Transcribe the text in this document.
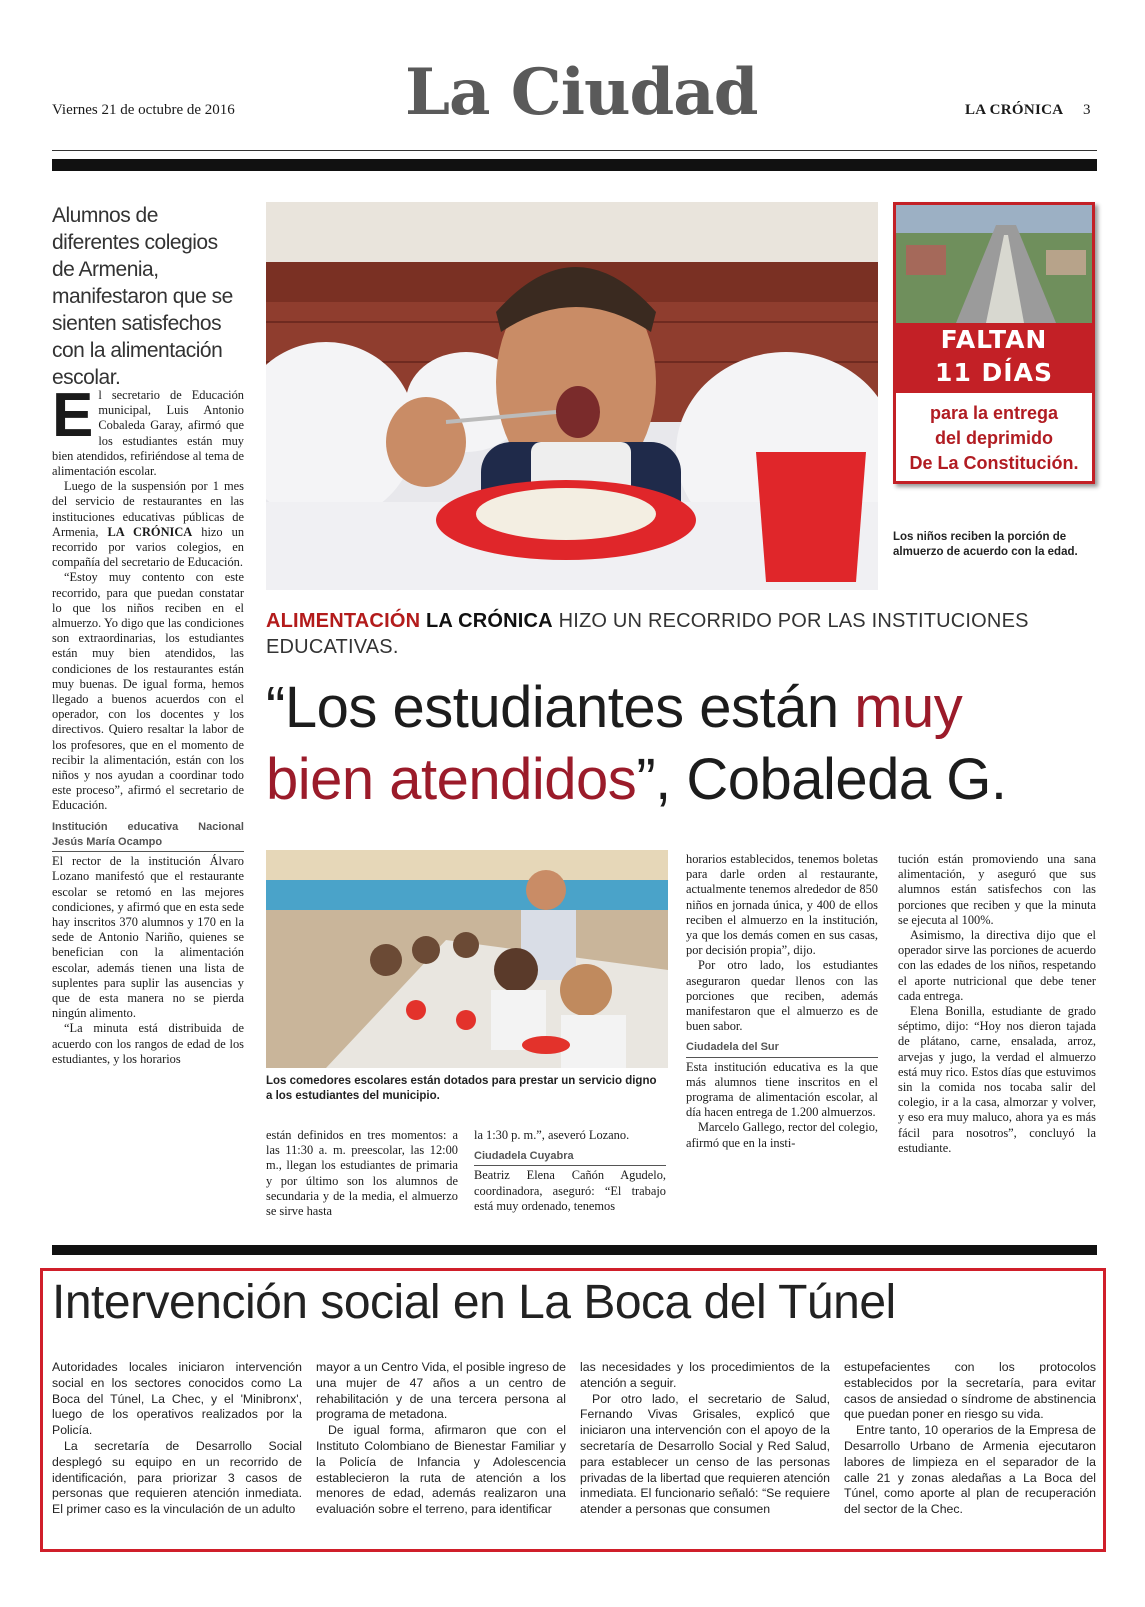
Viernes 21 de octubre de 2016	La Ciudad	LA CRÓNICA 3
Alumnos de diferentes colegios de Armenia, manifestaron que se sienten satisfechos con la alimentación escolar.

El secretario de Educación municipal, Luis Antonio Cobaleda Garay, afirmó que los estudiantes están muy bien atendidos, refiriéndose al tema de alimentación escolar.

Luego de la suspensión por 1 mes del servicio de restaurantes en las instituciones educativas públicas de Armenia, LA CRÓNICA hizo un recorrido por varios colegios, en compañía del secretario de Educación.

“Estoy muy contento con este recorrido, para que puedan constatar lo que los niños reciben en el almuerzo. Yo digo que las condiciones son extraordinarias, los estudiantes están muy bien atendidos, las condiciones de los restaurantes están muy buenas. De igual forma, hemos llegado a buenos acuerdos con el operador, con los docentes y los directivos. Quiero resaltar la labor de los profesores, que en el momento de recibir la alimentación, están con los niños y nos ayudan a coordinar todo este proceso”, afirmó el secretario de Educación.

Institución educativa Nacional Jesús María Ocampo

El rector de la institución Álvaro Lozano manifestó que el restaurante escolar se retomó en las mejores condiciones, y afirmó que en esta sede hay inscritos 370 alumnos y 170 en la sede de Antonio Nariño, quienes se benefician con la alimentación escolar, además tienen una lista de suplentes para suplir las ausencias y que de esta manera no se pierda ningún alimento.

“La minuta está distribuida de acuerdo con los rangos de edad de los estudiantes, y los horarios

FALTAN
11 DÍAS
para la entrega
del deprimido
De La Constitución.
Los niños reciben la porción de almuerzo de acuerdo con la edad.
ALIMENTACIÓN LA CRÓNICA HIZO UN RECORRIDO POR LAS INSTITUCIONES EDUCATIVAS.
“Los estudiantes están muy
bien atendidos”, Cobaleda G.
Los comedores escolares están dotados para prestar un servicio digno a los estudiantes del municipio.

están definidos en tres momentos: a las 11:30 a. m. preescolar, las 12:00 m., llegan los estudiantes de primaria y por último son los alumnos de secundaria y de la media, el almuerzo se sirve hasta

la 1:30 p. m.”, aseveró Lozano.

Ciudadela Cuyabra

Beatriz Elena Cañón Agudelo, coordinadora, aseguró: “El trabajo está muy ordenado, tenemos

horarios establecidos, tenemos boletas para darle orden al restaurante, actualmente tenemos alrededor de 850 niños en jornada única, y 400 de ellos reciben el almuerzo en la institución, ya que los demás comen en sus casas, por decisión propia”, dijo.

Por otro lado, los estudiantes aseguraron quedar llenos con las porciones que reciben, además manifestaron que el almuerzo es de buen sabor.

Ciudadela del Sur

Esta institución educativa es la que más alumnos tiene inscritos en el programa de alimentación escolar, al día hacen entrega de 1.200 almuerzos.

Marcelo Gallego, rector del colegio, afirmó que en la insti-

tución están promoviendo una sana alimentación, y aseguró que sus alumnos están satisfechos con las porciones que reciben y que la minuta se ejecuta al 100%.

Asimismo, la directiva dijo que el operador sirve las porciones de acuerdo con las edades de los niños, respetando el aporte nutricional que debe tener cada entrega.

Elena Bonilla, estudiante de grado séptimo, dijo: “Hoy nos dieron tajada de plátano, carne, ensalada, arroz, arvejas y jugo, la verdad el almuerzo está muy rico. Estos días que estuvimos sin la comida nos tocaba salir del colegio, ir a la casa, almorzar y volver, y eso era muy maluco, ahora ya es más fácil para nosotros”, concluyó la estudiante.

Intervención social en La Boca del Túnel

Autoridades locales iniciaron intervención social en los sectores conocidos como La Boca del Túnel, La Chec, y el 'Minibronx', luego de los operativos realizados por la Policía.

La secretaría de Desarrollo Social desplegó su equipo en un recorrido de identificación, para priorizar 3 casos de personas que requieren atención inmediata. El primer caso es la vinculación de un adulto

mayor a un Centro Vida, el posible ingreso de una mujer de 47 años a un centro de rehabilitación y de una tercera persona al programa de metadona.

De igual forma, afirmaron que con el Instituto Colombiano de Bienestar Familiar y la Policía de Infancia y Adolescencia establecieron la ruta de atención a los menores de edad, además realizaron una evaluación sobre el terreno, para identificar

las necesidades y los procedimientos de la atención a seguir.

Por otro lado, el secretario de Salud, Fernando Vivas Grisales, explicó que iniciaron una intervención con el apoyo de la secretaría de Desarrollo Social y Red Salud, para establecer un censo de las personas privadas de la libertad que requieren atención inmediata. El funcionario señaló: “Se requiere atender a personas que consumen

estupefacientes con los protocolos establecidos por la secretaría, para evitar casos de ansiedad o síndrome de abstinencia que puedan poner en riesgo su vida.

Entre tanto, 10 operarios de la Empresa de Desarrollo Urbano de Armenia ejecutaron labores de limpieza en el separador de la calle 21 y zonas aledañas a La Boca del Túnel, como aporte al plan de recuperación del sector de la Chec.
